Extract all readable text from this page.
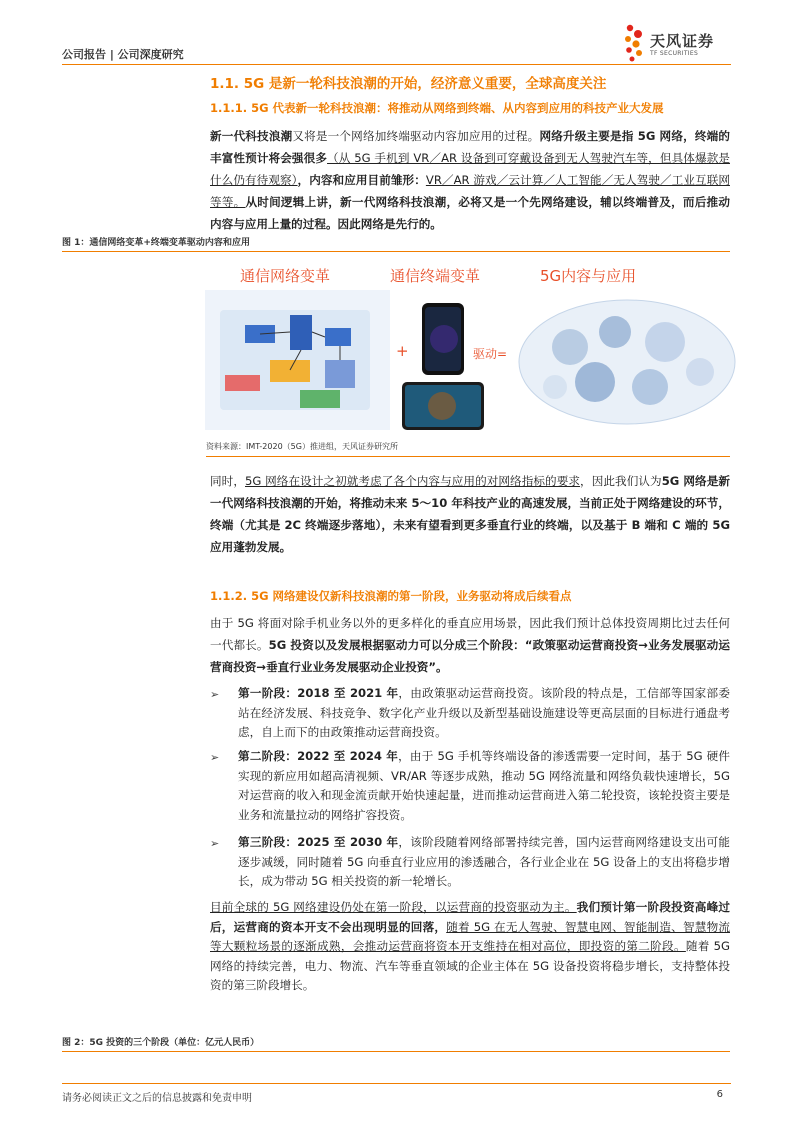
公司报告 | 公司深度研究
天风证券
TF SECURITIES
1.1. 5G 是新一轮科技浪潮的开始，经济意义重要，全球高度关注
1.1.1. 5G 代表新一轮科技浪潮：将推动从网络到终端、从内容到应用的科技产业大发展
新一代科技浪潮又将是一个网络加终端驱动内容加应用的过程。网络升级主要是指 5G 网络，终端的丰富性预计将会强很多（从 5G 手机到 VR／AR 设备到可穿戴设备到无人驾驶汽车等，但具体爆款是什么仍有待观察），内容和应用目前雏形：VR／AR 游戏／云计算／人工智能／无人驾驶／工业互联网等等。从时间逻辑上讲，新一代网络科技浪潮，必将又是一个先网络建设，辅以终端普及，而后推动内容与应用上量的过程。因此网络是先行的。
图 1：通信网络变革+终端变革驱动内容和应用
通信网络变革	通信终端变革	5G内容与应用
+	驱动=
资料来源：IMT-2020（5G）推进组，天风证券研究所
同时，5G 网络在设计之初就考虑了各个内容与应用的对网络指标的要求，因此我们认为5G 网络是新一代网络科技浪潮的开始，将推动未来 5～10 年科技产业的高速发展，当前正处于网络建设的环节，终端（尤其是 2C 终端逐步落地），未来有望看到更多垂直行业的终端，以及基于 B 端和 C 端的 5G 应用蓬勃发展。
1.1.2. 5G 网络建设仅新科技浪潮的第一阶段，业务驱动将成后续看点
由于 5G 将面对除手机业务以外的更多样化的垂直应用场景，因此我们预计总体投资周期比过去任何一代都长。5G 投资以及发展根据驱动力可以分成三个阶段：“政策驱动运营商投资→业务发展驱动运营商投资→垂直行业业务发展驱动企业投资”。
➢ 第一阶段：2018 至 2021 年，由政策驱动运营商投资。该阶段的特点是，工信部等国家部委站在经济发展、科技竞争、数字化产业升级以及新型基础设施建设等更高层面的目标进行通盘考虑，自上而下的由政策推动运营商投资。
➢ 第二阶段：2022 至 2024 年，由于 5G 手机等终端设备的渗透需要一定时间，基于 5G 硬件实现的新应用如超高清视频、VR/AR 等逐步成熟，推动 5G 网络流量和网络负载快速增长，5G 对运营商的收入和现金流贡献开始快速起量，进而推动运营商进入第二轮投资，该轮投资主要是业务和流量拉动的网络扩容投资。
➢ 第三阶段：2025 至 2030 年，该阶段随着网络部署持续完善，国内运营商网络建设支出可能逐步减缓，同时随着 5G 向垂直行业应用的渗透融合，各行业企业在 5G 设备上的支出将稳步增长，成为带动 5G 相关投资的新一轮增长。
目前全球的 5G 网络建设仍处在第一阶段，以运营商的投资驱动为主。我们预计第一阶段投资高峰过后，运营商的资本开支不会出现明显的回落，随着 5G 在无人驾驶、智慧电网、智能制造、智慧物流等大颗粒场景的逐渐成熟，会推动运营商将资本开支维持在相对高位，即投资的第二阶段。随着 5G 网络的持续完善，电力、物流、汽车等垂直领域的企业主体在 5G 设备投资将稳步增长，支持整体投资的第三阶段增长。
图 2：5G 投资的三个阶段（单位：亿元人民币）
请务必阅读正文之后的信息披露和免责申明	6
